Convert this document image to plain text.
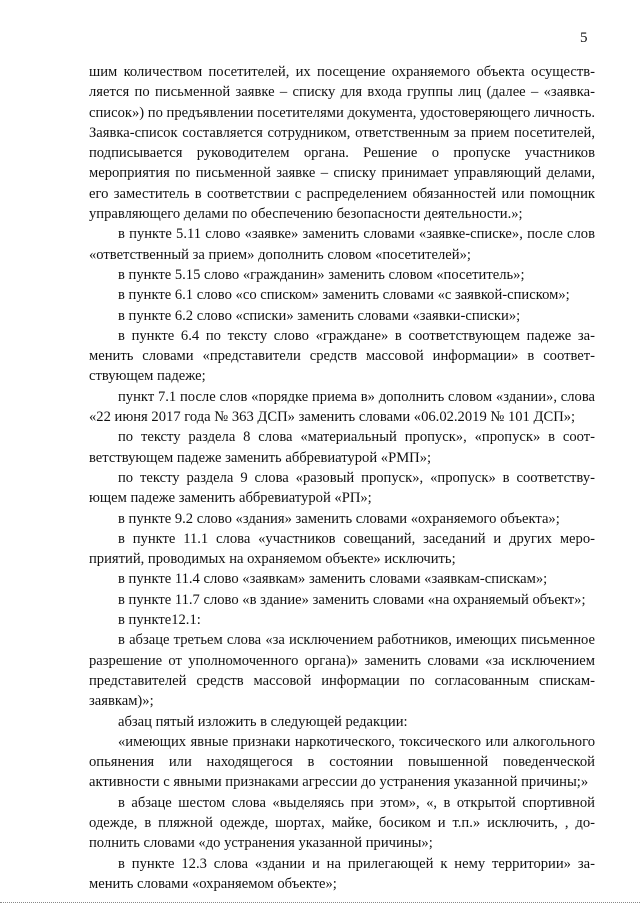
5

шим количеством посетителей, их посещение охраняемого объекта осуществляется по письменной заявке – списку для входа группы лиц (далее – «заявка-список») по предъявлении посетителями документа, удостоверяющего личность. Заявка-список составляется сотрудником, ответственным за прием посетителей, подписывается руководителем органа. Решение о пропуске участников мероприятия по письменной заявке – списку принимает управляющий делами, его заместитель в соответствии с распределением обязанностей или помощник управляющего делами по обеспечению безопасности деятельности.»;

в пункте 5.11 слово «заявке» заменить словами «заявке-списке», после слов «ответственный за прием» дополнить словом «посетителей»;

в пункте 5.15 слово «гражданин» заменить словом «посетитель»;

в пункте 6.1 слово «со списком» заменить словами «с заявкой-списком»;

в пункте 6.2 слово «списки» заменить словами «заявки-списки»;

в пункте 6.4 по тексту слово «граждане» в соответствующем падеже заменить словами «представители средств массовой информации» в соответствующем падеже;

пункт 7.1 после слов «порядке приема в» дополнить словом «здании», слова «22 июня 2017 года № 363 ДСП» заменить словами «06.02.2019 № 101 ДСП»;

по тексту раздела 8 слова «материальный пропуск», «пропуск» в соответствующем падеже заменить аббревиатурой «РМП»;

по тексту раздела 9 слова «разовый пропуск», «пропуск» в соответствующем падеже заменить аббревиатурой «РП»;

в пункте 9.2 слово «здания» заменить словами «охраняемого объекта»;

в пункте 11.1 слова «участников совещаний, заседаний и других мероприятий, проводимых на охраняемом объекте» исключить;

в пункте 11.4 слово «заявкам» заменить словами «заявкам-спискам»;

в пункте 11.7 слово «в здание» заменить словами «на охраняемый объект»;

в пункте12.1:

в абзаце третьем слова «за исключением работников, имеющих письменное разрешение от уполномоченного органа)» заменить словами «за исключением представителей средств массовой информации по согласованным спискам-заявкам)»;

абзац пятый изложить в следующей редакции:

«имеющих явные признаки наркотического, токсического или алкогольного опьянения или находящегося в состоянии повышенной поведенческой активности с явными признаками агрессии до устранения указанной причины;»

в абзаце шестом слова «выделяясь при этом», «, в открытой спортивной одежде, в пляжной одежде, шортах, майке, босиком и т.п.» исключить, , дополнить словами «до устранения указанной причины»;

в пункте 12.3 слова «здании и на прилегающей к нему территории» заменить словами «охраняемом объекте»;
